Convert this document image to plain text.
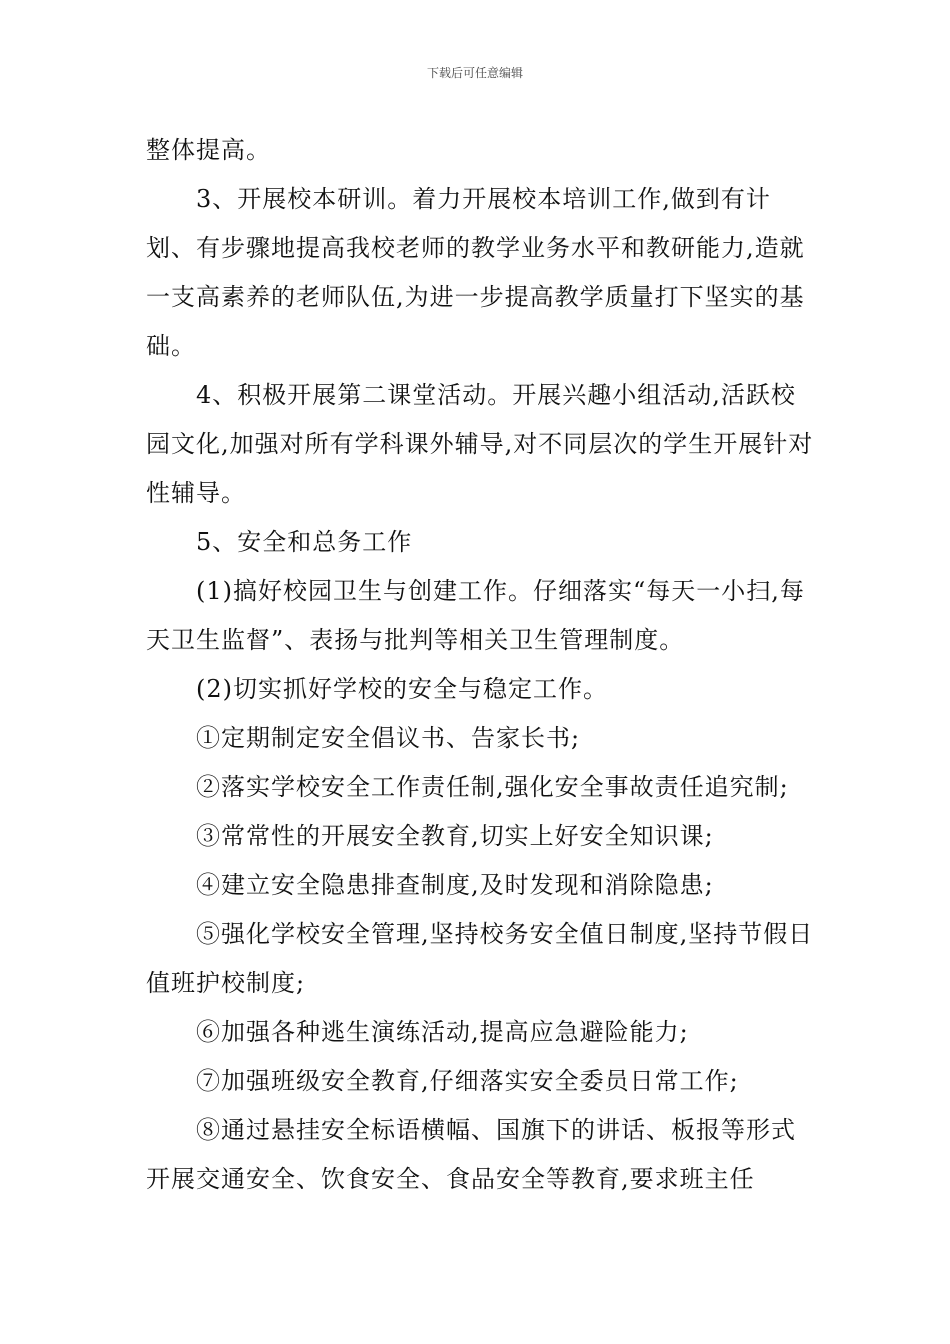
下载后可任意编辑

整体提高。

3、开展校本研训。着力开展校本培训工作,做到有计划、有步骤地提高我校老师的教学业务水平和教研能力,造就一支高素养的老师队伍,为进一步提高教学质量打下坚实的基础。

4、积极开展第二课堂活动。开展兴趣小组活动,活跃校园文化,加强对所有学科课外辅导,对不同层次的学生开展针对性辅导。

5、安全和总务工作

(1)搞好校园卫生与创建工作。仔细落实“每天一小扫,每天卫生监督”、表扬与批判等相关卫生管理制度。

(2)切实抓好学校的安全与稳定工作。

①定期制定安全倡议书、告家长书;

②落实学校安全工作责任制,强化安全事故责任追究制;

③常常性的开展安全教育,切实上好安全知识课;

④建立安全隐患排查制度,及时发现和消除隐患;

⑤强化学校安全管理,坚持校务安全值日制度,坚持节假日值班护校制度;

⑥加强各种逃生演练活动,提高应急避险能力;

⑦加强班级安全教育,仔细落实安全委员日常工作;

⑧通过悬挂安全标语横幅、国旗下的讲话、板报等形式开展交通安全、饮食安全、食品安全等教育,要求班主任
